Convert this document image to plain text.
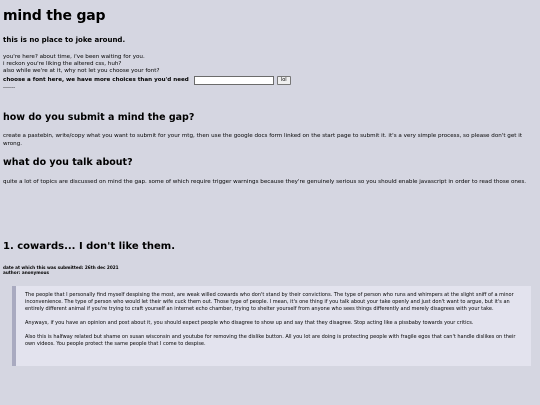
mind the gap
this is no place to joke around.
you're here? about time, i've been waiting for you.
i reckon you're liking the altered css, huh?
also while we're at it, why not let you choose your font?
choose a font here, we have more choices than you'd need	lol
------
how do you submit a mind the gap?
create a pastebin, write/copy what you want to submit for your mtg, then use the google docs form linked on the start page to submit it. it's a very simple process, so please don't get it wrong.
what do you talk about?
quite a lot of topics are discussed on mind the gap. some of which require trigger warnings because they're genuinely serious so you should enable javascript in order to read those ones.
1. cowards... I don't like them.
date at which this was submitted: 26th dec 2021
author: anonymous

The people that I personally find myself despising the most, are weak willed cowards who don't stand by their convictions. The type of person who runs and whimpers at the slight sniff of a minor inconvenience. The type of person who would let their wife cuck them out. Those type of people. I mean, it's one thing if you talk about your take openly and just don't want to argue, but it's an entirely different animal if you're trying to craft yourself an internet echo chamber, trying to shelter yourself from anyone who sees things differently and merely disagrees with your take.

Anyways, if you have an opinion and post about it, you should expect people who disagree to show up and say that they disagree. Stop acting like a pissbaby towards your critics.

Also this is halfway related but shame on susan wisconsin and youtube for removing the dislike button. All you lot are doing is protecting people with fragile egos that can't handle dislikes on their own videos. You people protect the same people that I come to despise.
